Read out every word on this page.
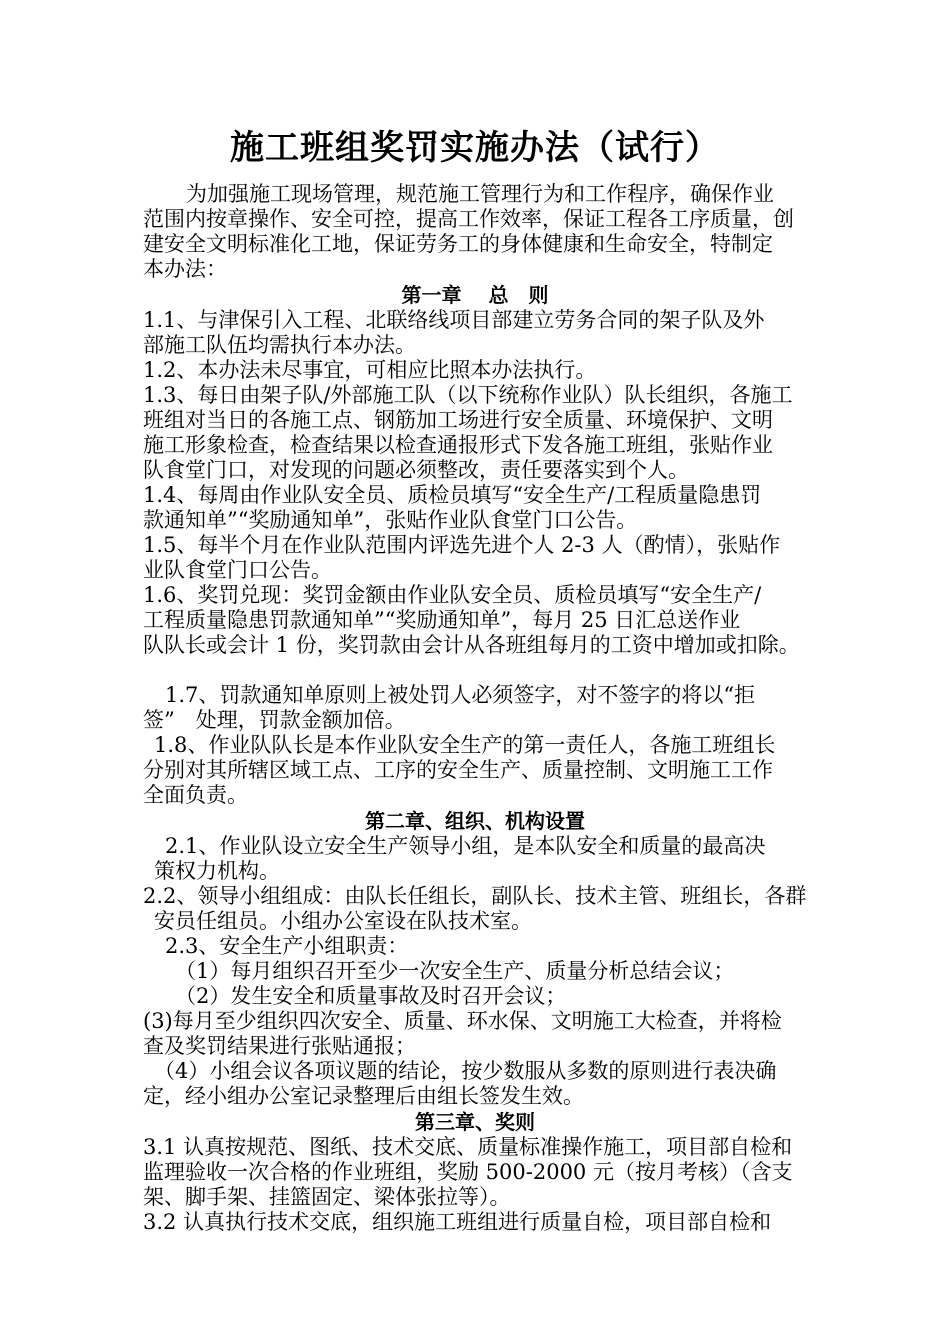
施工班组奖罚实施办法（试行）
为加强施工现场管理，规范施工管理行为和工作程序，确保作业
范围内按章操作、安全可控，提高工作效率，保证工程各工序质量，创
建安全文明标准化工地，保证劳务工的身体健康和生命安全，特制定
本办法：
第一章　 总　则
1.1、与津保引入工程、北联络线项目部建立劳务合同的架子队及外
部施工队伍均需执行本办法。
1.2、本办法未尽事宜，可相应比照本办法执行。
1.3、每日由架子队/外部施工队（以下统称作业队）队长组织，各施工
班组对当日的各施工点、钢筋加工场进行安全质量、环境保护、文明
施工形象检查，检查结果以检查通报形式下发各施工班组，张贴作业
队食堂门口，对发现的问题必须整改，责任要落实到个人。
1.4、每周由作业队安全员、质检员填写“安全生产/工程质量隐患罚
款通知单”“奖励通知单”，张贴作业队食堂门口公告。
1.5、每半个月在作业队范围内评选先进个人 2-3 人（酌情），张贴作
业队食堂门口公告。
1.6、奖罚兑现：奖罚金额由作业队安全员、质检员填写“安全生产/
工程质量隐患罚款通知单”“奖励通知单”，每月 25 日汇总送作业
队队长或会计 1 份，奖罚款由会计从各班组每月的工资中增加或扣除。
1.7、罚款通知单原则上被处罚人必须签字，对不签字的将以“拒
签”　处理，罚款金额加倍。
1.8、作业队队长是本作业队安全生产的第一责任人，各施工班组长
分别对其所辖区域工点、工序的安全生产、质量控制、文明施工工作
全面负责。
第二章、组织、机构设置
2.1、作业队设立安全生产领导小组，是本队安全和质量的最高决
策权力机构。
2.2、领导小组组成：由队长任组长，副队长、技术主管、班组长，各群
安员任组员。小组办公室设在队技术室。
2.3、安全生产小组职责：
（1）每月组织召开至少一次安全生产、质量分析总结会议；
（2）发生安全和质量事故及时召开会议；
(3)每月至少组织四次安全、质量、环水保、文明施工大检查，并将检
查及奖罚结果进行张贴通报；
（4）小组会议各项议题的结论，按少数服从多数的原则进行表决确
定，经小组办公室记录整理后由组长签发生效。
第三章、奖则
3.1 认真按规范、图纸、技术交底、质量标准操作施工，项目部自检和
监理验收一次合格的作业班组，奖励 500-2000 元（按月考核）（含支
架、脚手架、挂篮固定、梁体张拉等）。
3.2 认真执行技术交底，组织施工班组进行质量自检，项目部自检和
